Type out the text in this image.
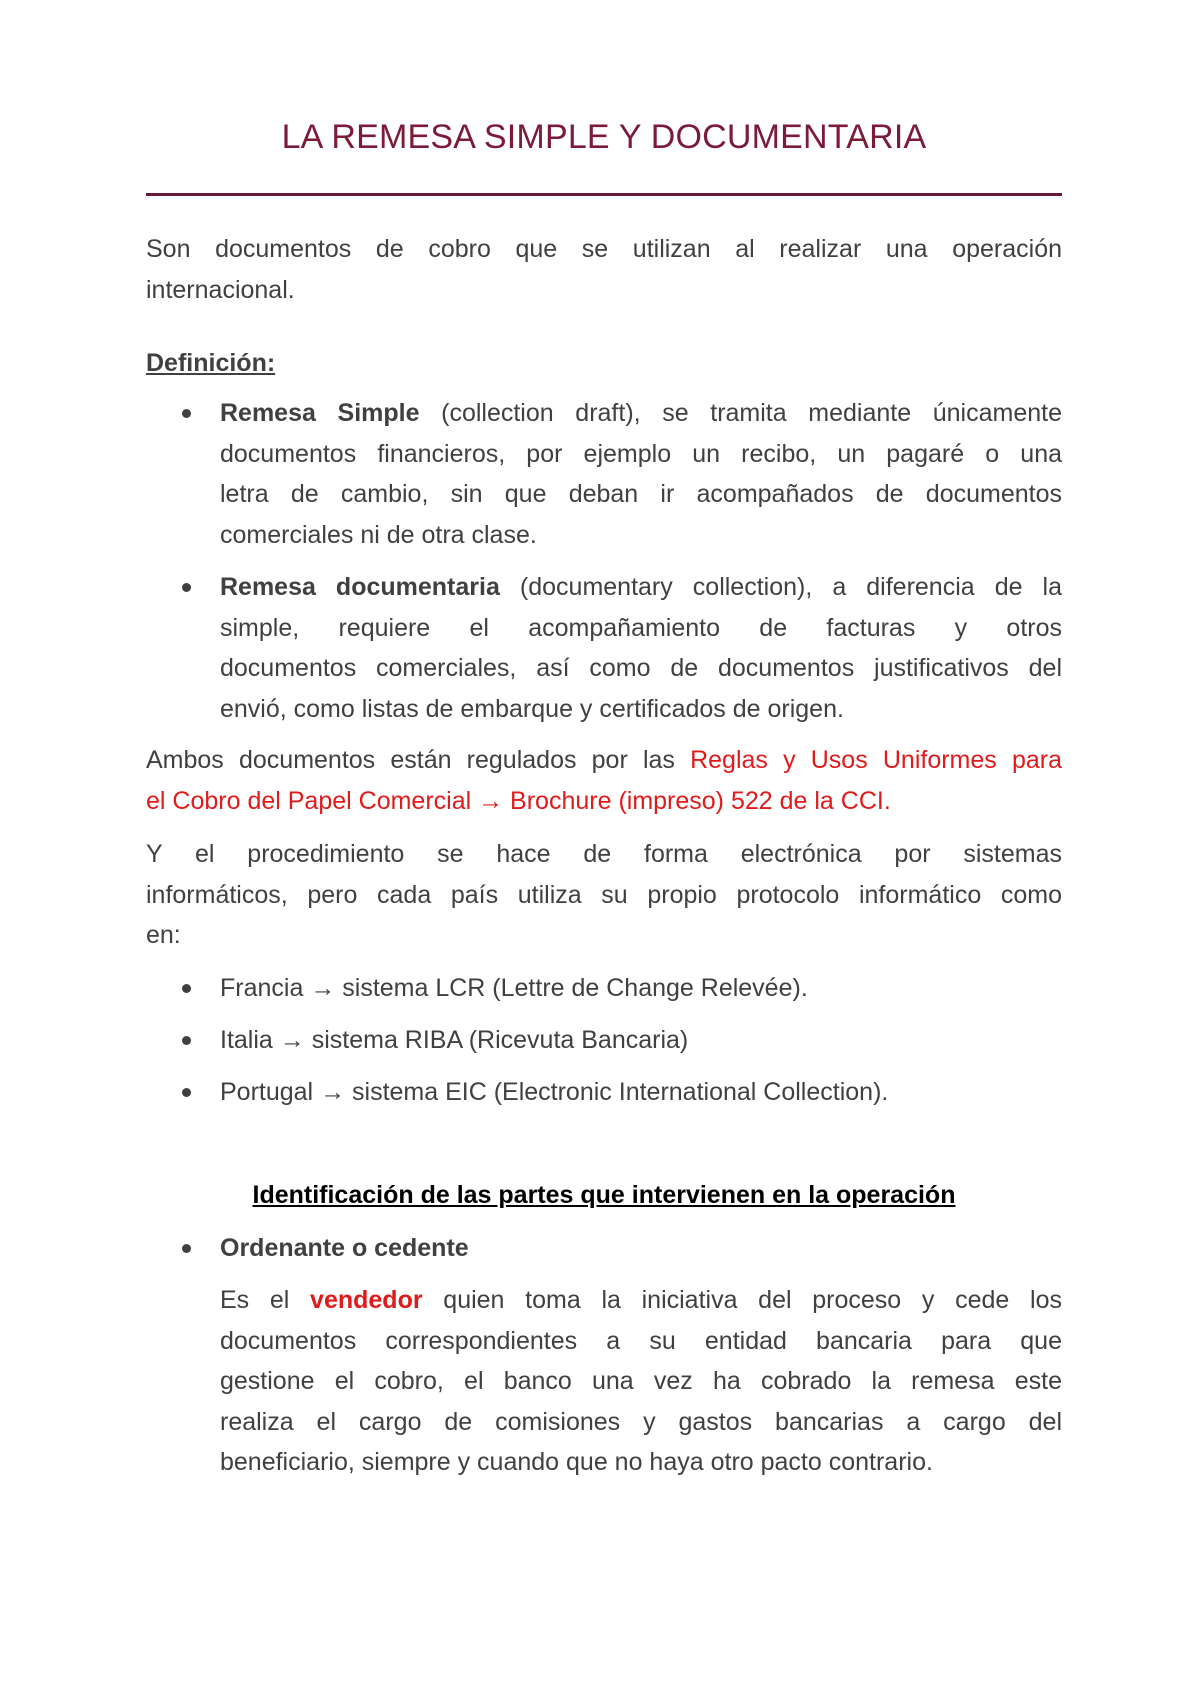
LA REMESA SIMPLE Y DOCUMENTARIA
Son documentos de cobro que se utilizan al realizar una operación
internacional.
Definición:
Remesa Simple (collection draft), se tramita mediante únicamente
documentos financieros, por ejemplo un recibo, un pagaré o una
letra de cambio, sin que deban ir acompañados de documentos
comerciales ni de otra clase.
Remesa documentaria (documentary collection), a diferencia de la
simple, requiere el acompañamiento de facturas y otros
documentos comerciales, así como de documentos justificativos del
envió, como listas de embarque y certificados de origen.
Ambos documentos están regulados por las Reglas y Usos Uniformes para
el Cobro del Papel Comercial → Brochure (impreso) 522 de la CCI.
Y el procedimiento se hace de forma electrónica por sistemas
informáticos, pero cada país utiliza su propio protocolo informático como
en:
Francia → sistema LCR (Lettre de Change Relevée).
Italia → sistema RIBA (Ricevuta Bancaria)
Portugal → sistema EIC (Electronic International Collection).
Identificación de las partes que intervienen en la operación
Ordenante o cedente
Es el vendedor quien toma la iniciativa del proceso y cede los
documentos correspondientes a su entidad bancaria para que
gestione el cobro, el banco una vez ha cobrado la remesa este
realiza el cargo de comisiones y gastos bancarias a cargo del
beneficiario, siempre y cuando que no haya otro pacto contrario.
